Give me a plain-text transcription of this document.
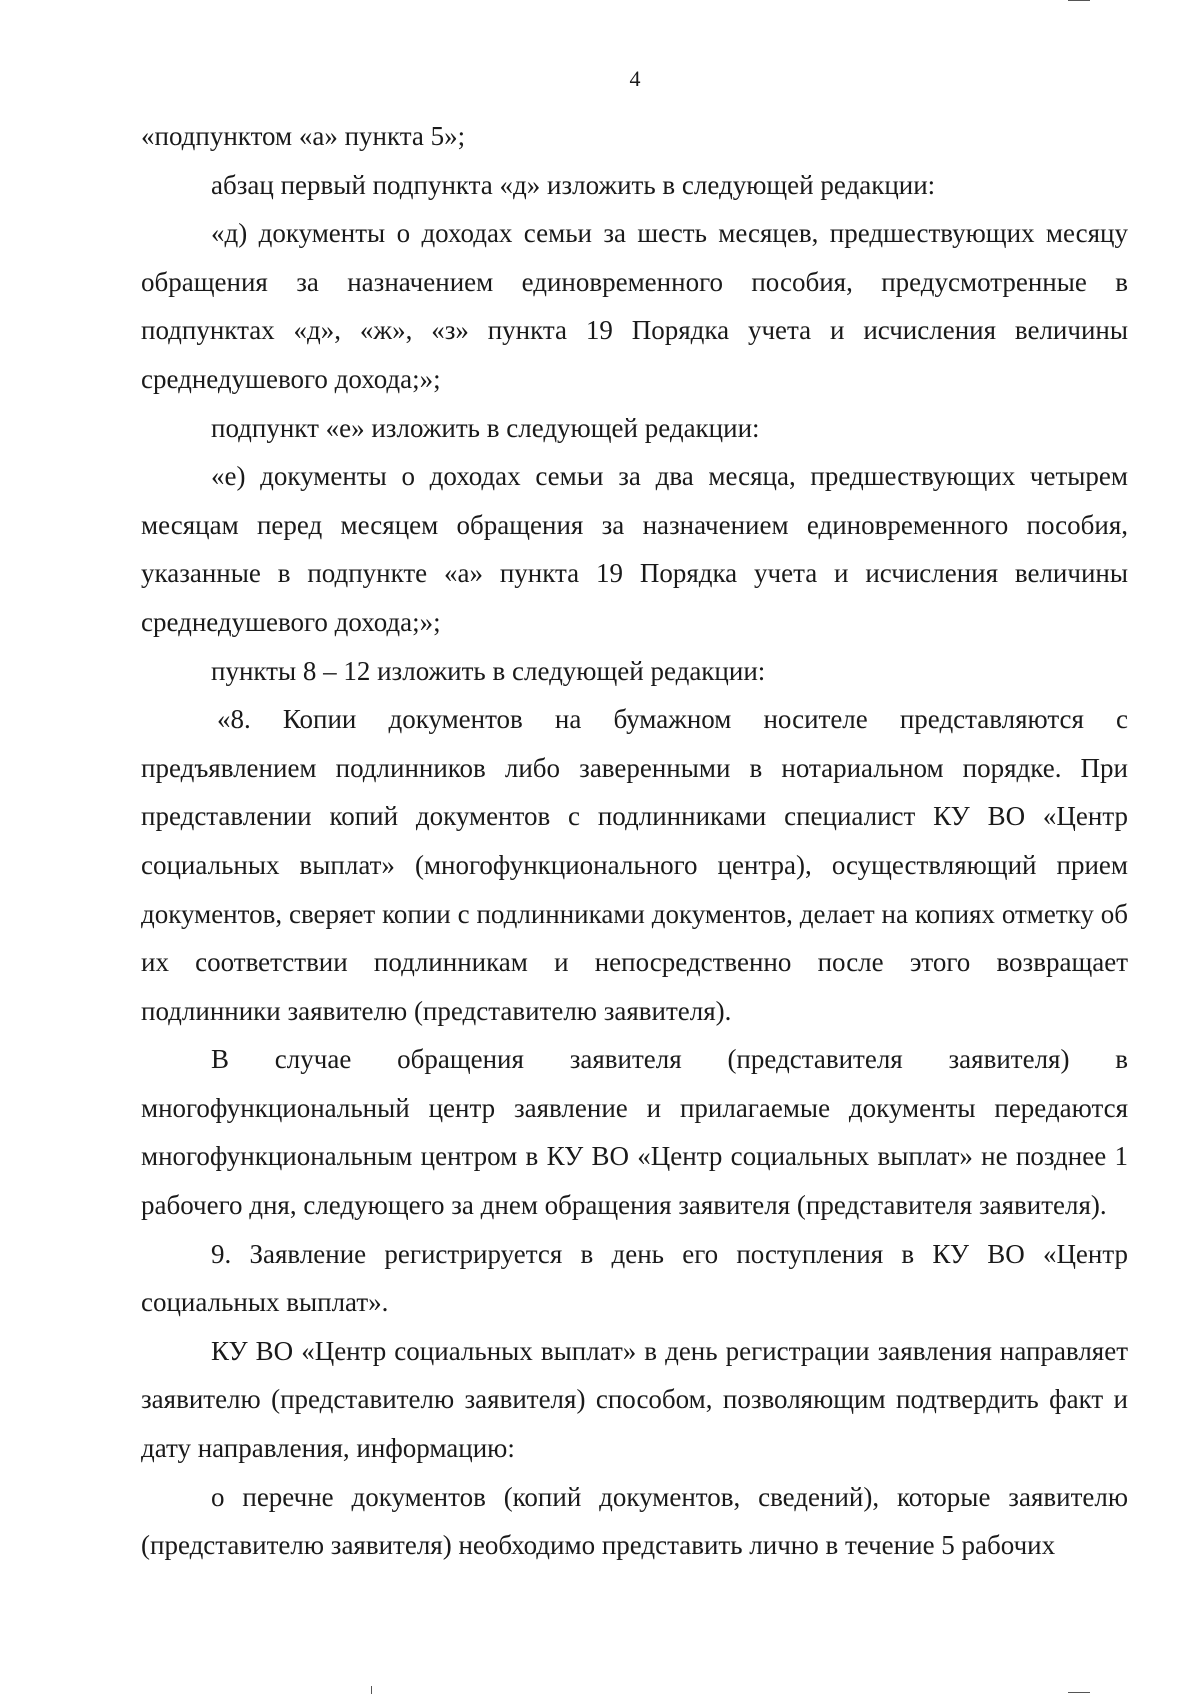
4

«подпунктом «а» пункта 5»;

абзац первый подпункта «д» изложить в следующей редакции:

«д) документы о доходах семьи за шесть месяцев, предшествующих месяцу обращения за назначением единовременного пособия, предусмотренные в подпунктах «д», «ж», «з» пункта 19 Порядка учета и исчисления величины среднедушевого дохода;»;

подпункт «е» изложить в следующей редакции:

«е) документы о доходах семьи за два месяца, предшествующих четырем месяцам перед месяцем обращения за назначением единовременного пособия, указанные в подпункте «а» пункта 19 Порядка учета и исчисления величины среднедушевого дохода;»;

пункты 8 – 12 изложить в следующей редакции:

«8. Копии документов на бумажном носителе представляются с предъявлением подлинников либо заверенными в нотариальном порядке. При представлении копий документов с подлинниками специалист КУ ВО «Центр социальных выплат» (многофункционального центра), осуществляющий прием документов, сверяет копии с подлинниками документов, делает на копиях отметку об их соответствии подлинникам и непосредственно после этого возвращает подлинники заявителю (представителю заявителя).

В случае обращения заявителя (представителя заявителя) в многофункциональный центр заявление и прилагаемые документы передаются многофункциональным центром в КУ ВО «Центр социальных выплат» не позднее 1 рабочего дня, следующего за днем обращения заявителя (представителя заявителя).

9. Заявление регистрируется в день его поступления в КУ ВО «Центр социальных выплат».

КУ ВО «Центр социальных выплат» в день регистрации заявления направляет заявителю (представителю заявителя) способом, позволяющим подтвердить факт и дату направления, информацию:

о перечне документов (копий документов, сведений), которые заявителю (представителю заявителя) необходимо представить лично в течение 5 рабочих
